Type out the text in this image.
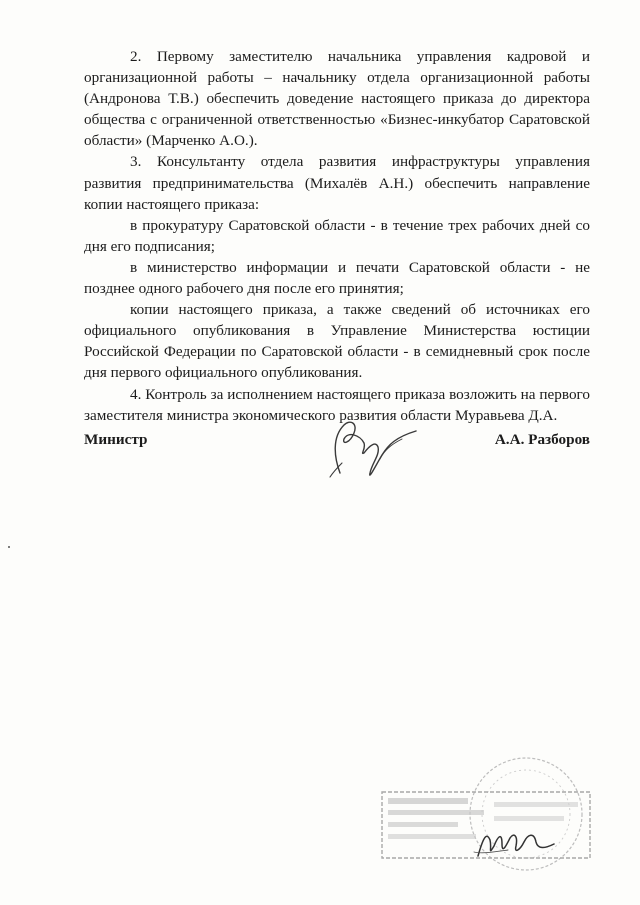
2. Первому заместителю начальника управления кадровой и организационной работы – начальнику отдела организационной работы (Андронова Т.В.) обеспечить доведение настоящего приказа до директора общества с ограниченной ответственностью «Бизнес-инкубатор Саратовской области» (Марченко А.О.).

3. Консультанту отдела развития инфраструктуры управления развития предпринимательства (Михалёв А.Н.) обеспечить направление копии настоящего приказа:

в прокуратуру Саратовской области - в течение трех рабочих дней со дня его подписания;

в министерство информации и печати Саратовской области - не позднее одного рабочего дня после его принятия;

копии настоящего приказа, а также сведений об источниках его официального опубликования в Управление Министерства юстиции Российской Федерации по Саратовской области - в семидневный срок после дня первого официального опубликования.

4. Контроль за исполнением настоящего приказа возложить на первого заместителя министра экономического развития области Муравьева Д.А.

Министр	А.А. Разборов
